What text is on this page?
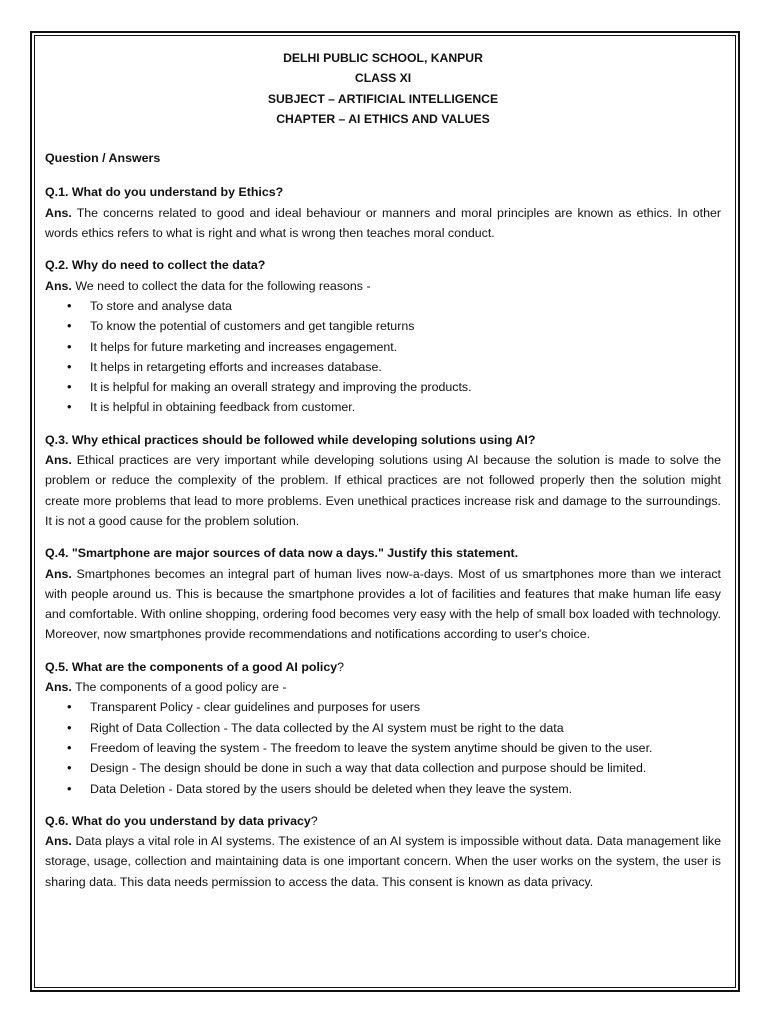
DELHI PUBLIC SCHOOL, KANPUR
CLASS XI
SUBJECT – ARTIFICIAL INTELLIGENCE
CHAPTER – AI ETHICS AND VALUES
Question / Answers
Q.1. What do you understand by Ethics?
Ans. The concerns related to good and ideal behaviour or manners and moral principles are known as ethics. In other words ethics refers to what is right and what is wrong then teaches moral conduct.
Q.2. Why do need to collect the data?
Ans. We need to collect the data for the following reasons -
• To store and analyse data
• To know the potential of customers and get tangible returns
• It helps for future marketing and increases engagement.
• It helps in retargeting efforts and increases database.
• It is helpful for making an overall strategy and improving the products.
• It is helpful in obtaining feedback from customer.
Q.3. Why ethical practices should be followed while developing solutions using AI?
Ans. Ethical practices are very important while developing solutions using AI because the solution is made to solve the problem or reduce the complexity of the problem. If ethical practices are not followed properly then the solution might create more problems that lead to more problems. Even unethical practices increase risk and damage to the surroundings. It is not a good cause for the problem solution.
Q.4. "Smartphone are major sources of data now a days." Justify this statement.
Ans. Smartphones becomes an integral part of human lives now-a-days. Most of us smartphones more than we interact with people around us. This is because the smartphone provides a lot of facilities and features that make human life easy and comfortable. With online shopping, ordering food becomes very easy with the help of small box loaded with technology. Moreover, now smartphones provide recommendations and notifications according to user's choice.
Q.5. What are the components of a good AI policy?
Ans. The components of a good policy are -
• Transparent Policy - clear guidelines and purposes for users
• Right of Data Collection - The data collected by the AI system must be right to the data
• Freedom of leaving the system - The freedom to leave the system anytime should be given to the user.
• Design - The design should be done in such a way that data collection and purpose should be limited.
• Data Deletion - Data stored by the users should be deleted when they leave the system.
Q.6. What do you understand by data privacy?
Ans. Data plays a vital role in AI systems. The existence of an AI system is impossible without data. Data management like storage, usage, collection and maintaining data is one important concern. When the user works on the system, the user is sharing data. This data needs permission to access the data. This consent is known as data privacy.
